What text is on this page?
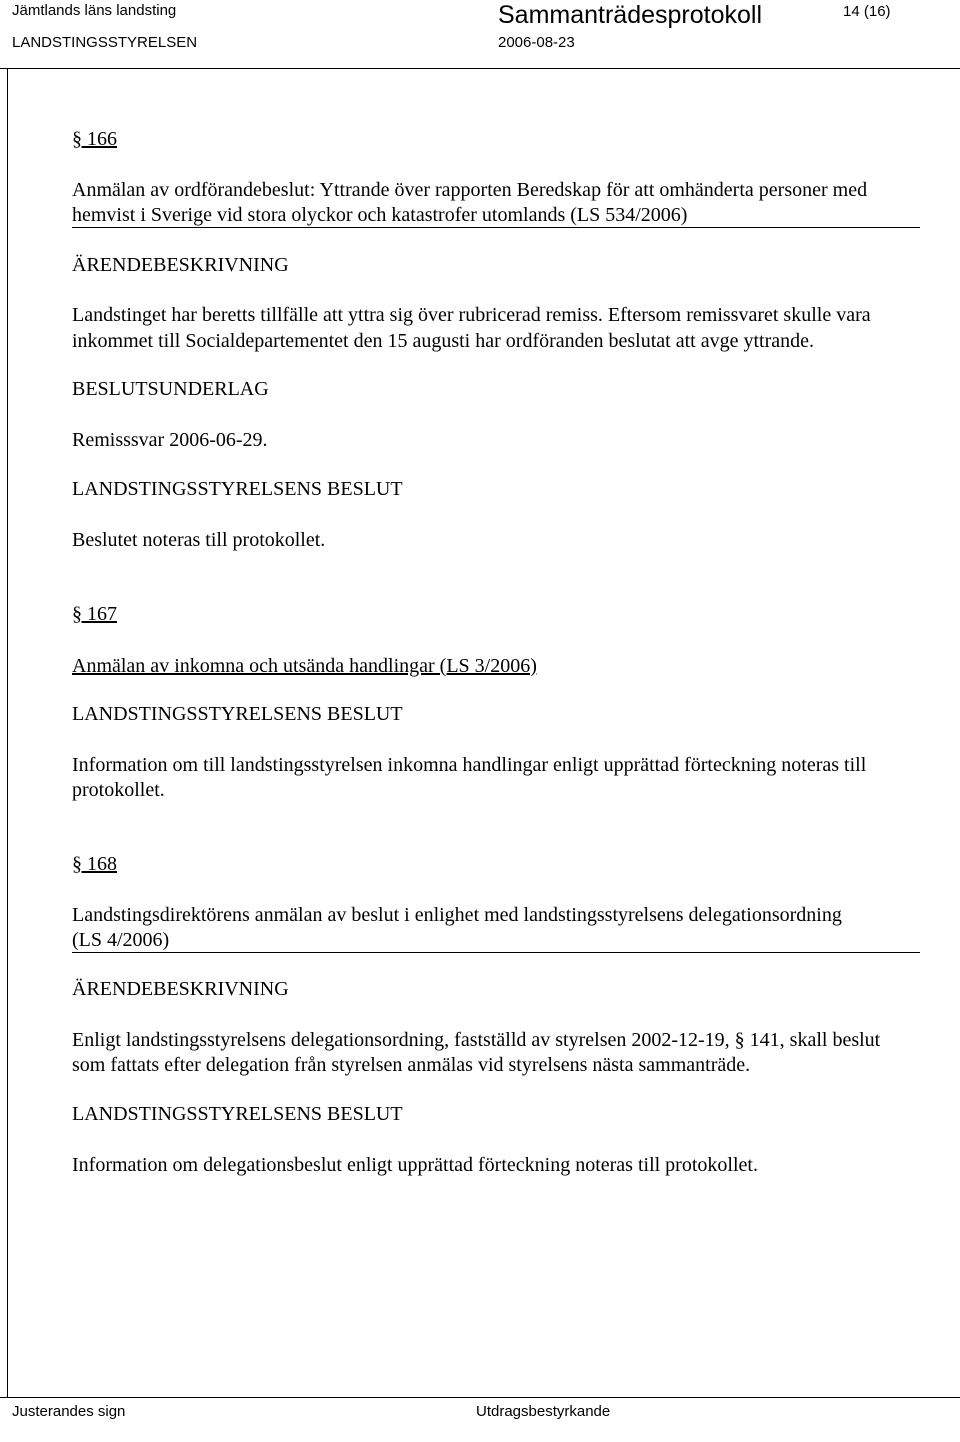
Jämtlands läns landsting	Sammanträdesprotokoll	14 (16)
LANDSTINGSSTYRELSEN	2006-08-23
§ 166
Anmälan av ordförandebeslut: Yttrande över rapporten Beredskap för att omhänderta personer med
hemvist i Sverige vid stora olyckor och katastrofer utomlands (LS 534/2006)
ÄRENDEBESKRIVNING
Landstinget har beretts tillfälle att yttra sig över rubricerad remiss. Eftersom remissvaret skulle vara
inkommet till Socialdepartementet den 15 augusti har ordföranden beslutat att avge yttrande.
BESLUTSUNDERLAG
Remisssvar 2006-06-29.
LANDSTINGSSTYRELSENS BESLUT
Beslutet noteras till protokollet.
§ 167
Anmälan av inkomna och utsända handlingar (LS 3/2006)
LANDSTINGSSTYRELSENS BESLUT
Information om till landstingsstyrelsen inkomna handlingar enligt upprättad förteckning noteras till
protokollet.
§ 168
Landstingsdirektörens anmälan av beslut i enlighet med landstingsstyrelsens delegationsordning
(LS 4/2006)
ÄRENDEBESKRIVNING
Enligt landstingsstyrelsens delegationsordning, fastställd av styrelsen 2002-12-19, § 141, skall beslut
som fattats efter delegation från styrelsen anmälas vid styrelsens nästa sammanträde.
LANDSTINGSSTYRELSENS BESLUT
Information om delegationsbeslut enligt upprättad förteckning noteras till protokollet.
Justerandes sign	Utdragsbestyrkande
